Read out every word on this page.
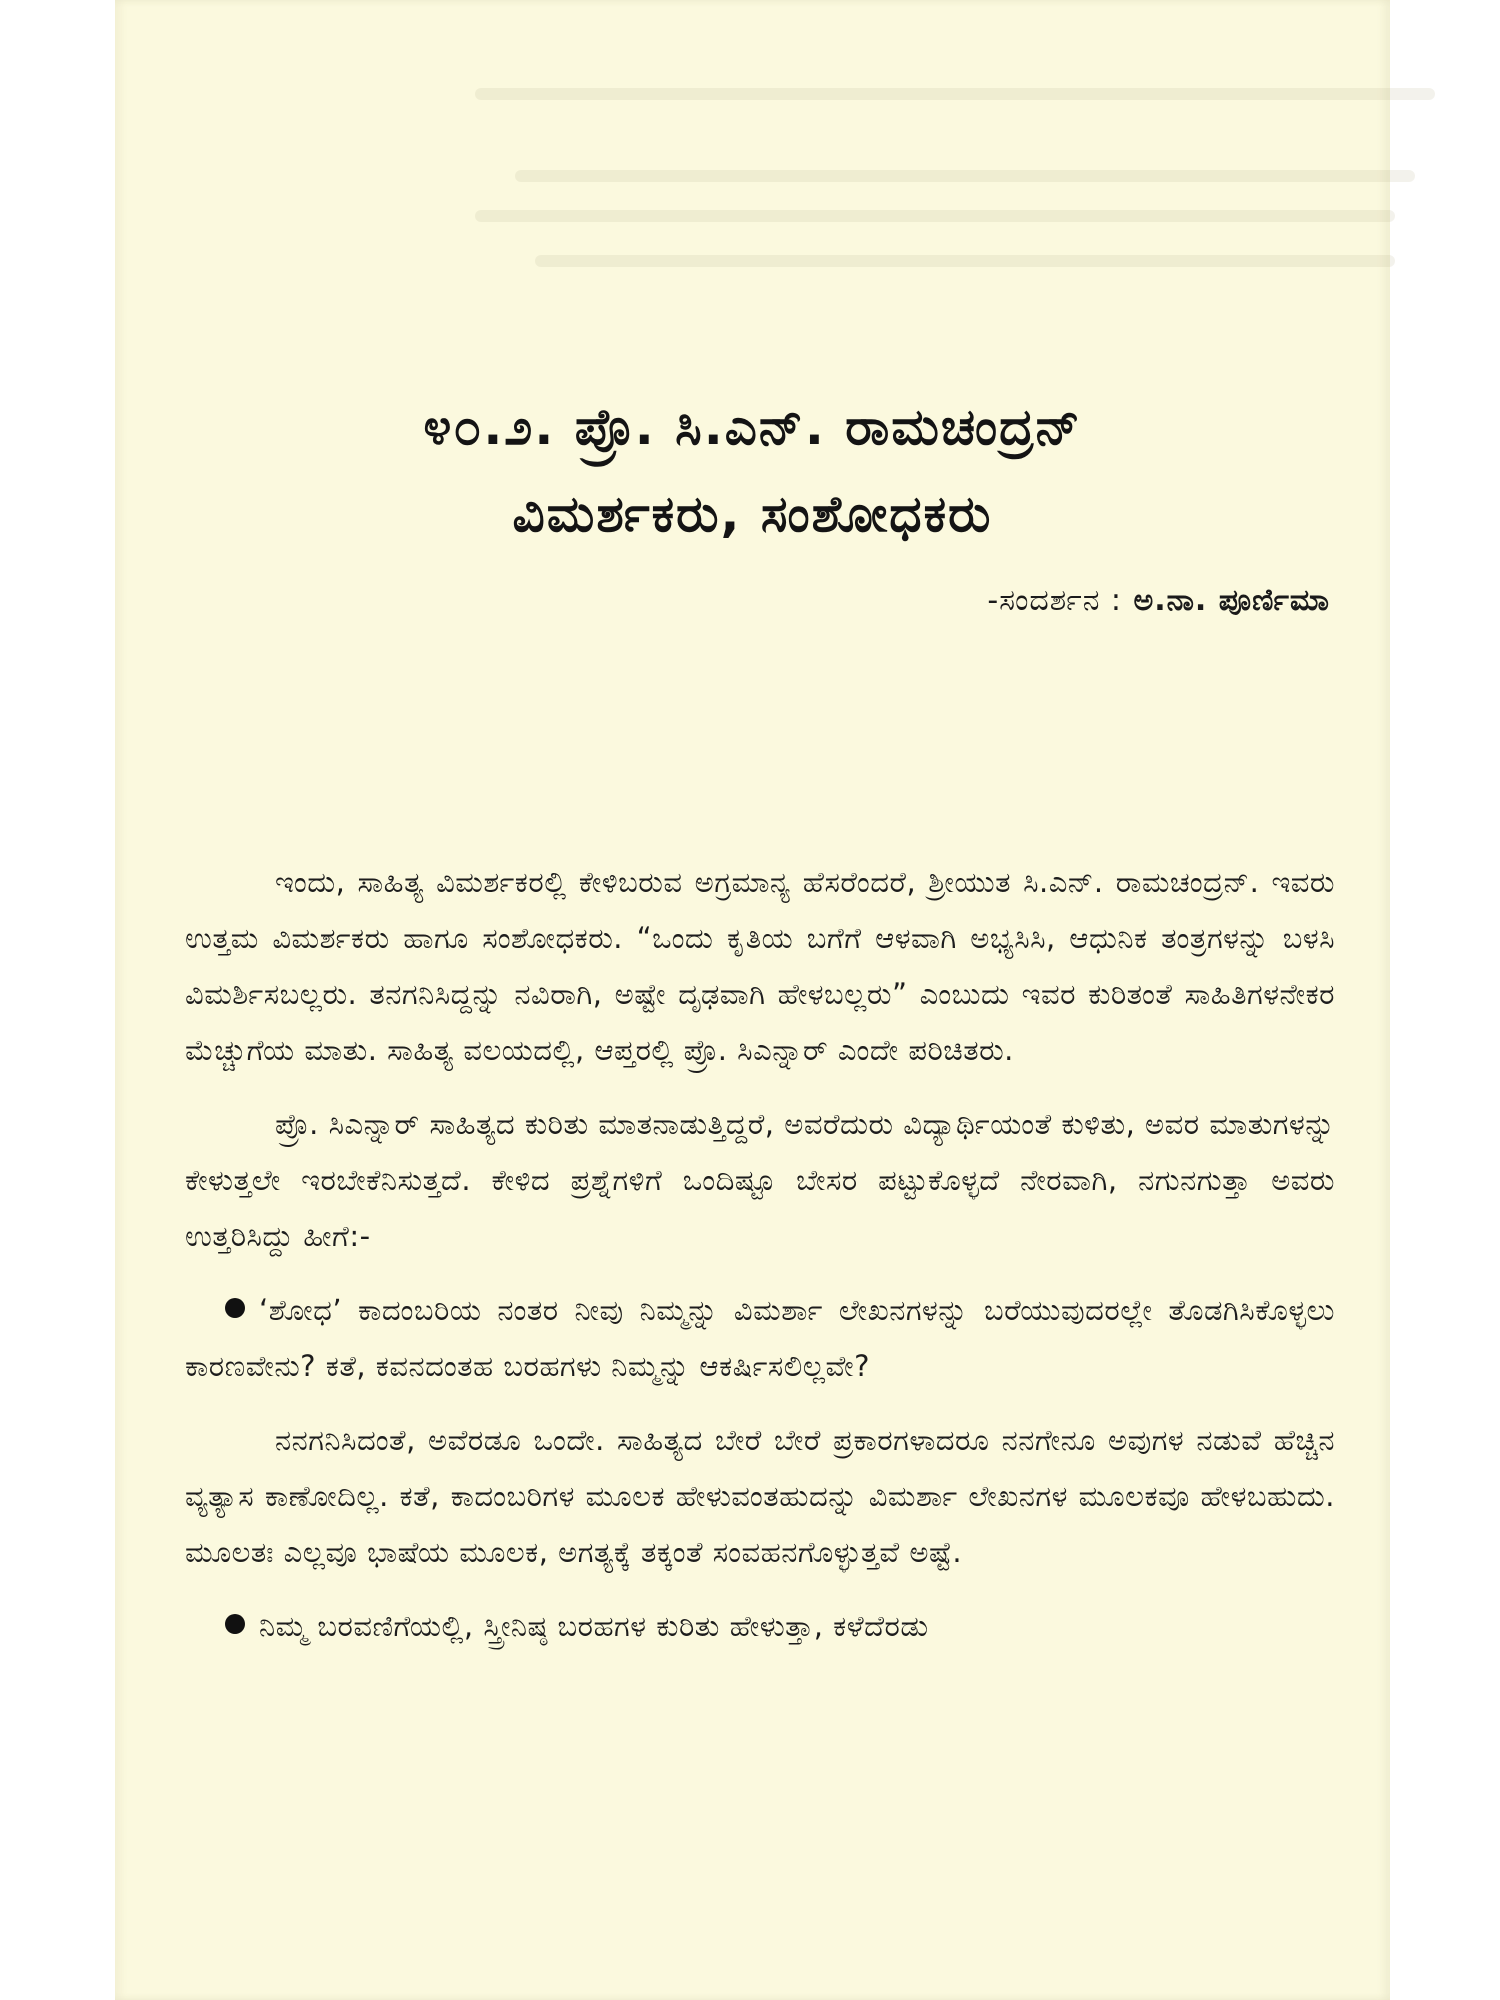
೪೦.೨. ಪ್ರೊ. ಸಿ.ಎನ್. ರಾಮಚಂದ್ರನ್
ವಿಮರ್ಶಕರು, ಸಂಶೋಧಕರು
-ಸಂದರ್ಶನ : ಅ.ನಾ. ಪೂರ್ಣಿಮಾ

ಇಂದು, ಸಾಹಿತ್ಯ ವಿಮರ್ಶಕರಲ್ಲಿ ಕೇಳಿಬರುವ ಅಗ್ರಮಾನ್ಯ ಹೆಸರೆಂದರೆ, ಶ್ರೀಯುತ ಸಿ.ಎನ್. ರಾಮಚಂದ್ರನ್. ಇವರು ಉತ್ತಮ ವಿಮರ್ಶಕರು ಹಾಗೂ ಸಂಶೋಧಕರು. “ಒಂದು ಕೃತಿಯ ಬಗೆಗೆ ಆಳವಾಗಿ ಅಭ್ಯಸಿಸಿ, ಆಧುನಿಕ ತಂತ್ರಗಳನ್ನು ಬಳಸಿ ವಿಮರ್ಶಿಸಬಲ್ಲರು. ತನಗನಿಸಿದ್ದನ್ನು ನವಿರಾಗಿ, ಅಷ್ಟೇ ದೃಢವಾಗಿ ಹೇಳಬಲ್ಲರು” ಎಂಬುದು ಇವರ ಕುರಿತಂತೆ ಸಾಹಿತಿಗಳನೇಕರ ಮೆಚ್ಚುಗೆಯ ಮಾತು. ಸಾಹಿತ್ಯ ವಲಯದಲ್ಲಿ, ಆಪ್ತರಲ್ಲಿ ಪ್ರೊ. ಸಿಎನ್ನಾರ್ ಎಂದೇ ಪರಿಚಿತರು.

ಪ್ರೊ. ಸಿಎನ್ನಾರ್ ಸಾಹಿತ್ಯದ ಕುರಿತು ಮಾತನಾಡುತ್ತಿದ್ದರೆ, ಅವರೆದುರು ವಿದ್ಯಾರ್ಥಿಯಂತೆ ಕುಳಿತು, ಅವರ ಮಾತುಗಳನ್ನು ಕೇಳುತ್ತಲೇ ಇರಬೇಕೆನಿಸುತ್ತದೆ. ಕೇಳಿದ ಪ್ರಶ್ನೆಗಳಿಗೆ ಒಂದಿಷ್ಟೂ ಬೇಸರ ಪಟ್ಟುಕೊಳ್ಳದೆ ನೇರವಾಗಿ, ನಗುನಗುತ್ತಾ ಅವರು ಉತ್ತರಿಸಿದ್ದು ಹೀಗೆ:-

‘ಶೋಧ’ ಕಾದಂಬರಿಯ ನಂತರ ನೀವು ನಿಮ್ಮನ್ನು ವಿಮರ್ಶಾ ಲೇಖನಗಳನ್ನು ಬರೆಯುವುದರಲ್ಲೇ ತೊಡಗಿಸಿಕೊಳ್ಳಲು ಕಾರಣವೇನು? ಕತೆ, ಕವನದಂತಹ ಬರಹಗಳು ನಿಮ್ಮನ್ನು ಆಕರ್ಷಿಸಲಿಲ್ಲವೇ?

ನನಗನಿಸಿದಂತೆ, ಅವೆರಡೂ ಒಂದೇ. ಸಾಹಿತ್ಯದ ಬೇರೆ ಬೇರೆ ಪ್ರಕಾರಗಳಾದರೂ ನನಗೇನೂ ಅವುಗಳ ನಡುವೆ ಹೆಚ್ಚಿನ ವ್ಯತ್ಯಾಸ ಕಾಣೋದಿಲ್ಲ. ಕತೆ, ಕಾದಂಬರಿಗಳ ಮೂಲಕ ಹೇಳುವಂತಹುದನ್ನು ವಿಮರ್ಶಾ ಲೇಖನಗಳ ಮೂಲಕವೂ ಹೇಳಬಹುದು. ಮೂಲತಃ ಎಲ್ಲವೂ ಭಾಷೆಯ ಮೂಲಕ, ಅಗತ್ಯಕ್ಕೆ ತಕ್ಕಂತೆ ಸಂವಹನಗೊಳ್ಳುತ್ತವೆ ಅಷ್ಟೆ.

ನಿಮ್ಮ ಬರವಣಿಗೆಯಲ್ಲಿ, ಸ್ತ್ರೀನಿಷ್ಠ ಬರಹಗಳ ಕುರಿತು ಹೇಳುತ್ತಾ, ಕಳೆದೆರಡು
